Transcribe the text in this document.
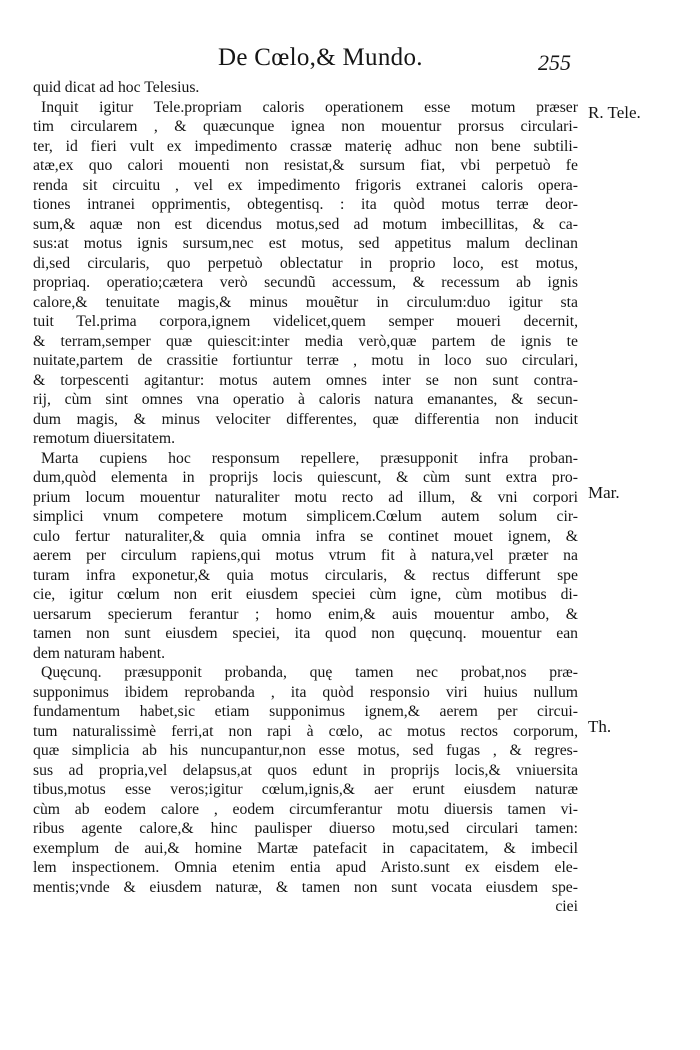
De Cœlo,& Mundo.	255
R. Tele.
Mar.
Th.
quid dicat ad hoc Telesius.
Inquit igitur Tele.propriam caloris operationem esse motum præser
tim circularem , & quæcunque ignea non mouentur prorsus circulari-
ter, id fieri vult ex impedimento crassæ materię adhuc non bene subtili-
atæ,ex quo calori mouenti non resistat,& sursum fiat, vbi perpetuò fe
renda sit circuitu , vel ex impedimento frigoris extranei caloris opera-
tiones intranei opprimentis, obtegentisq. : ita quòd motus terræ deor-
sum,& aquæ non est dicendus motus,sed ad motum imbecillitas, & ca-
sus:at motus ignis sursum,nec est motus, sed appetitus malum declinan
di,sed circularis, quo perpetuò oblectatur in proprio loco, est motus,
propriaq. operatio;cætera verò secundũ accessum, & recessum ab ignis
calore,& tenuitate magis,& minus mouẽtur in circulum:duo igitur sta
tuit Tel.prima corpora,ignem videlicet,quem semper moueri decernit,
& terram,semper quæ quiescit:inter media verò,quæ partem de ignis te
nuitate,partem de crassitie fortiuntur terræ , motu in loco suo circulari,
& torpescenti agitantur: motus autem omnes inter se non sunt contra-
rij, cùm sint omnes vna operatio à caloris natura emanantes, & secun-
dum magis, & minus velociter differentes, quæ differentia non inducit
remotum diuersitatem.
Marta cupiens hoc responsum repellere, præsupponit infra proban-
dum,quòd elementa in proprijs locis quiescunt, & cùm sunt extra pro-
prium locum mouentur naturaliter motu recto ad illum, & vni corpori
simplici vnum competere motum simplicem.Cœlum autem solum cir-
culo fertur naturaliter,& quia omnia infra se continet mouet ignem, &
aerem per circulum rapiens,qui motus vtrum fit à natura,vel præter na
turam infra exponetur,& quia motus circularis, & rectus differunt spe
cie, igitur cœlum non erit eiusdem speciei cùm igne, cùm motibus di-
uersarum specierum ferantur ; homo enim,& auis mouentur ambo, &
tamen non sunt eiusdem speciei, ita quod non quęcunq. mouentur ean
dem naturam habent.
Quęcunq. præsupponit probanda, quę tamen nec probat,nos præ-
supponimus ibidem reprobanda , ita quòd responsio viri huius nullum
fundamentum habet,sic etiam supponimus ignem,& aerem per circui-
tum naturalissimè ferri,at non rapi à cœlo, ac motus rectos corporum,
quæ simplicia ab his nuncupantur,non esse motus, sed fugas , & regres-
sus ad propria,vel delapsus,at quos edunt in proprijs locis,& vniuersita
tibus,motus esse veros;igitur cœlum,ignis,& aer erunt eiusdem naturæ
cùm ab eodem calore , eodem circumferantur motu diuersis tamen vi-
ribus agente calore,& hinc paulisper diuerso motu,sed circulari tamen:
exemplum de aui,& homine Martæ patefacit in capacitatem, & imbecil
lem inspectionem. Omnia etenim entia apud Aristo.sunt ex eisdem ele-
mentis;vnde & eiusdem naturæ, & tamen non sunt vocata eiusdem spe-
ciei
